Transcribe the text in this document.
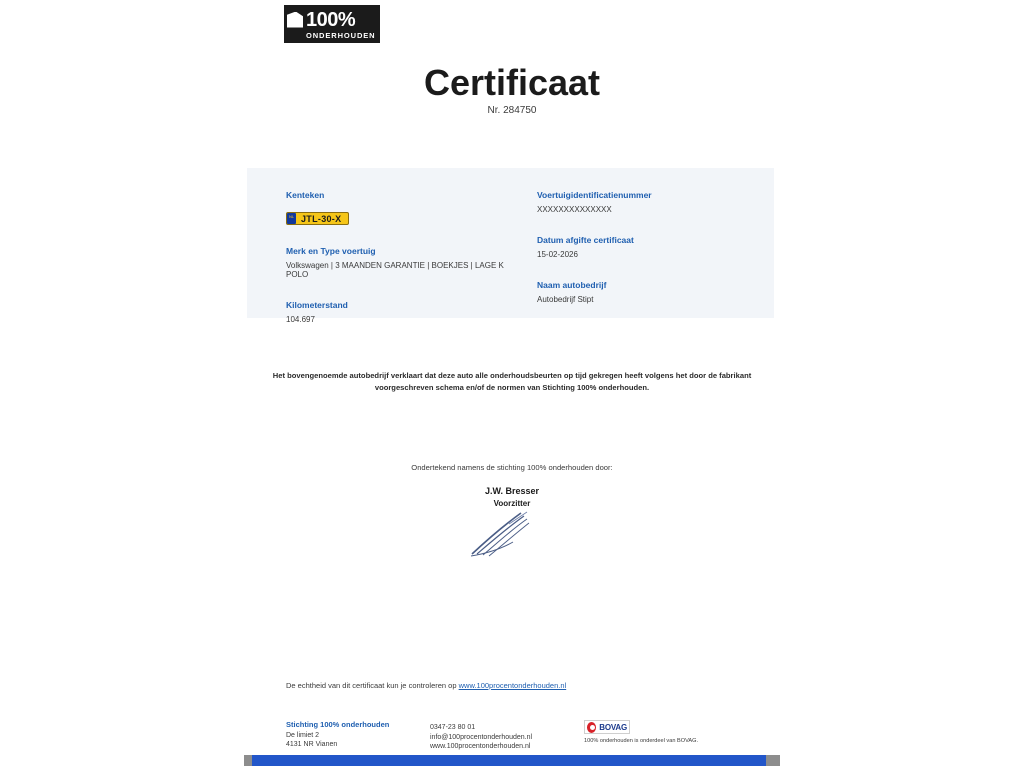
100%
ONDERHOUDEN
Certificaat
Nr. 284750
Kenteken
NL JTL-30-X
Merk en Type voertuig
Volkswagen | 3 MAANDEN GARANTIE | BOEKJES | LAGE K POLO
Kilometerstand
104.697
Voertuigidentificatienummer
XXXXXXXXXXXXXX
Datum afgifte certificaat
15-02-2026
Naam autobedrijf
Autobedrijf Stipt
Het bovengenoemde autobedrijf verklaart dat deze auto alle onderhoudsbeurten op tijd gekregen heeft volgens het door de fabrikant voorgeschreven schema en/of de normen van Stichting 100% onderhouden.
Ondertekend namens de stichting 100% onderhouden door:
J.W. Bresser
Voorzitter
De echtheid van dit certificaat kun je controleren op www.100procentonderhouden.nl
Stichting 100% onderhouden
De limiet 2
4131 NR Vianen
0347-23 80 01
info@100procentonderhouden.nl
www.100procentonderhouden.nl
BOVAG
100% onderhouden is onderdeel van BOVAG.
